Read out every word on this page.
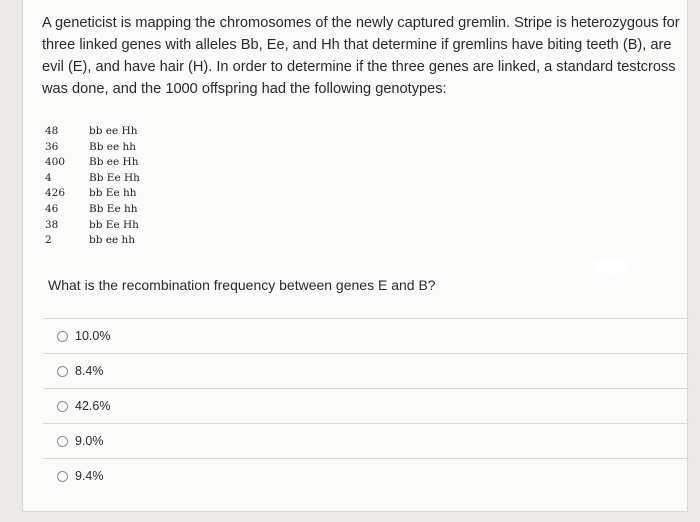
A geneticist is mapping the chromosomes of the newly captured gremlin. Stripe is heterozygous for three linked genes with alleles Bb, Ee, and Hh that determine if gremlins have biting teeth (B), are evil (E), and have hair (H). In order to determine if the three genes are linked, a standard testcross was done, and the 1000 offspring had the following genotypes:

48	bb ee Hh
36	Bb ee hh
400	Bb ee Hh
4	Bb Ee Hh
426	bb Ee hh
46	Bb Ee hh
38	bb Ee Hh
2	bb ee hh

What is the recombination frequency between genes E and B?

10.0%
8.4%
42.6%
9.0%
9.4%
